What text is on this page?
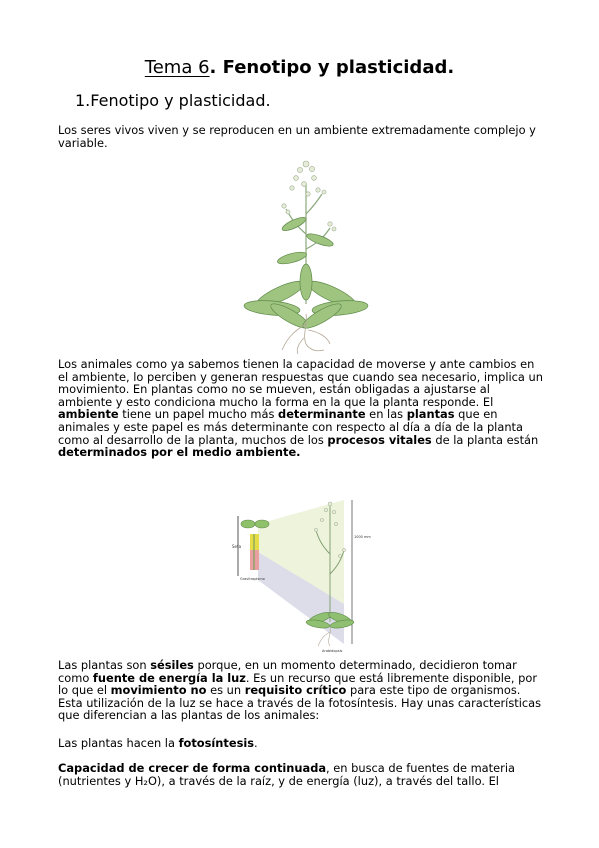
Tema 6. Fenotipo y plasticidad.
1.Fenotipo y plasticidad.

Los seres vivos viven y se reproducen en un ambiente extremadamente complejo y variable.

Los animales como ya sabemos tienen la capacidad de moverse y ante cambios en el ambiente, lo perciben y generan respuestas que cuando sea necesario, implica un movimiento. En plantas como no se mueven, están obligadas a ajustarse al ambiente y esto condiciona mucho la forma en la que la planta responde. El ambiente tiene un papel mucho más determinante en las plantas que en animales y este papel es más determinante con respecto al día a día de la planta como al desarrollo de la planta, muchos de los procesos vitales de la planta están determinados por el medio ambiente.

Seta
Gravitropismo
1000 mm
Arabidopsis

Las plantas son sésiles porque, en un momento determinado, decidieron tomar como fuente de energía la luz. Es un recurso que está libremente disponible, por lo que el movimiento no es un requisito crítico para este tipo de organismos. Esta utilización de la luz se hace a través de la fotosíntesis. Hay unas características que diferencian a las plantas de los animales:

Las plantas hacen la fotosíntesis.

Capacidad de crecer de forma continuada, en busca de fuentes de materia (nutrientes y H₂O), a través de la raíz, y de energía (luz), a través del tallo. El
